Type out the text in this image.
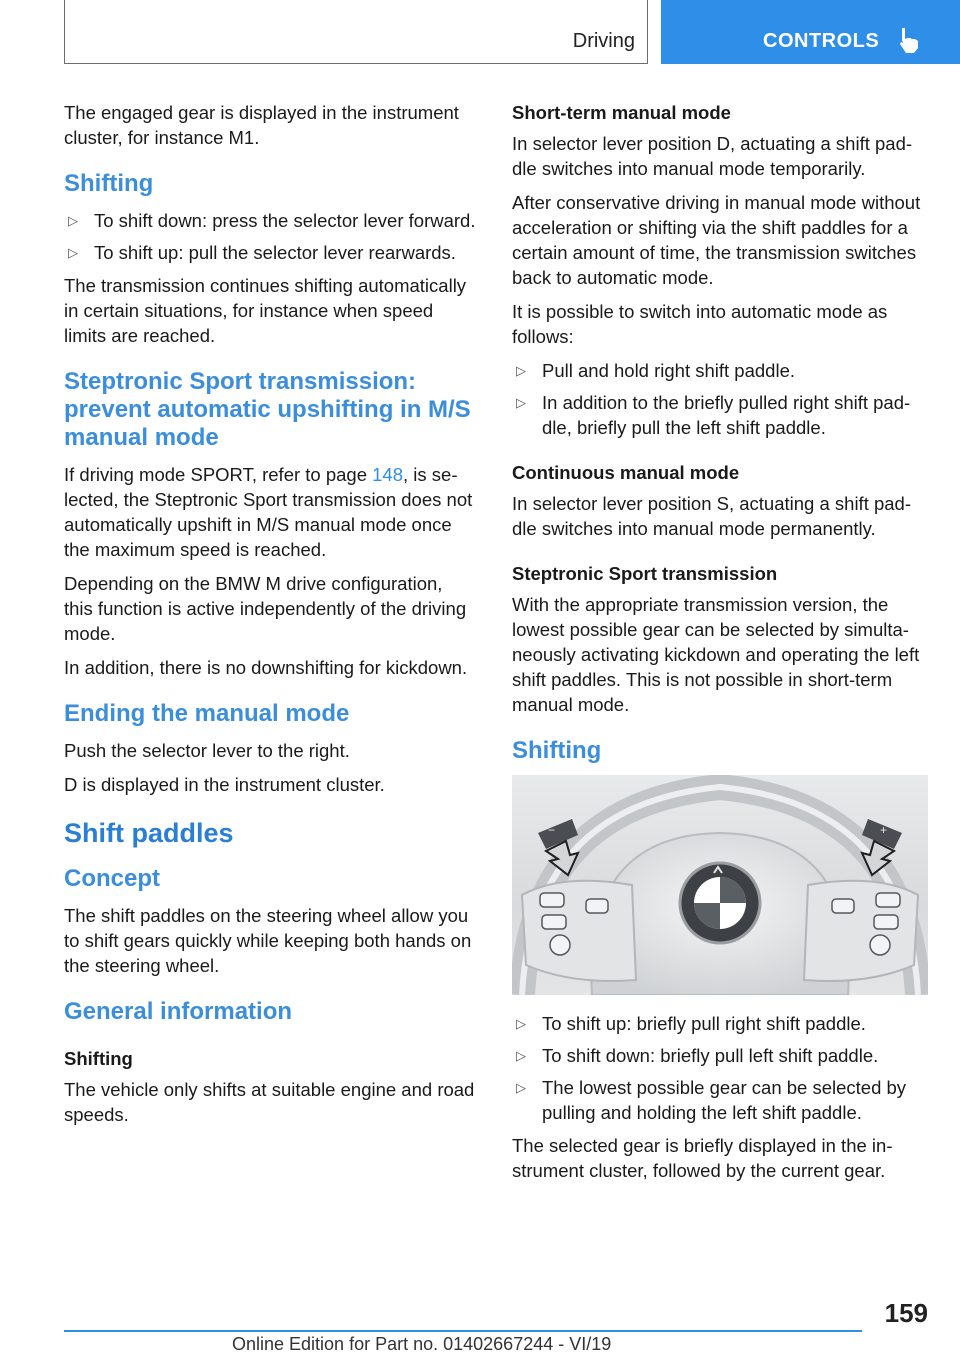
Driving	CONTROLS

The engaged gear is displayed in the instrument cluster, for instance M1.

Shifting
▷ To shift down: press the selector lever forward.
▷ To shift up: pull the selector lever rearwards.

The transmission continues shifting automatically in certain situations, for instance when speed limits are reached.

Steptronic Sport transmission: prevent automatic upshifting in M/S manual mode

If driving mode SPORT, refer to page 148, is selected, the Steptronic Sport transmission does not automatically upshift in M/S manual mode once the maximum speed is reached.

Depending on the BMW M drive configuration, this function is active independently of the driving mode.

In addition, there is no downshifting for kickdown.

Ending the manual mode

Push the selector lever to the right.

D is displayed in the instrument cluster.

Shift paddles
Concept

The shift paddles on the steering wheel allow you to shift gears quickly while keeping both hands on the steering wheel.

General information
Shifting

The vehicle only shifts at suitable engine and road speeds.

Short-term manual mode

In selector lever position D, actuating a shift paddle switches into manual mode temporarily.

After conservative driving in manual mode without acceleration or shifting via the shift paddles for a certain amount of time, the transmission switches back to automatic mode.

It is possible to switch into automatic mode as follows:

▷ Pull and hold right shift paddle.
▷ In addition to the briefly pulled right shift paddle, briefly pull the left shift paddle.
Continuous manual mode

In selector lever position S, actuating a shift paddle switches into manual mode permanently.

Steptronic Sport transmission

With the appropriate transmission version, the lowest possible gear can be selected by simultaneously activating kickdown and operating the left shift paddles. This is not possible in short-term manual mode.

Shifting
−	+
▷ To shift up: briefly pull right shift paddle.
▷ To shift down: briefly pull left shift paddle.
▷ The lowest possible gear can be selected by pulling and holding the left shift paddle.

The selected gear is briefly displayed in the instrument cluster, followed by the current gear.

159
Online Edition for Part no. 01402667244 - VI/19
